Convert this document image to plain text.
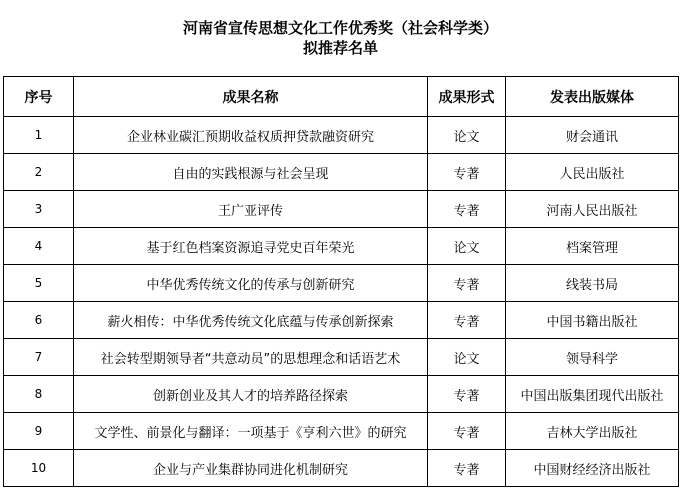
河南省宣传思想文化工作优秀奖（社会科学类）
拟推荐名单
序号	成果名称	成果形式	发表出版媒体
1	企业林业碳汇预期收益权质押贷款融资研究	论文	财会通讯
2	自由的实践根源与社会呈现	专著	人民出版社
3	王广亚评传	专著	河南人民出版社
4	基于红色档案资源追寻党史百年荣光	论文	档案管理
5	中华优秀传统文化的传承与创新研究	专著	线装书局
6	薪火相传：中华优秀传统文化底蕴与传承创新探索	专著	中国书籍出版社
7	社会转型期领导者“共意动员”的思想理念和话语艺术	论文	领导科学
8	创新创业及其人才的培养路径探索	专著	中国出版集团现代出版社
9	文学性、前景化与翻译：一项基于《亨利六世》的研究	专著	吉林大学出版社
10	企业与产业集群协同进化机制研究	专著	中国财经经济出版社
